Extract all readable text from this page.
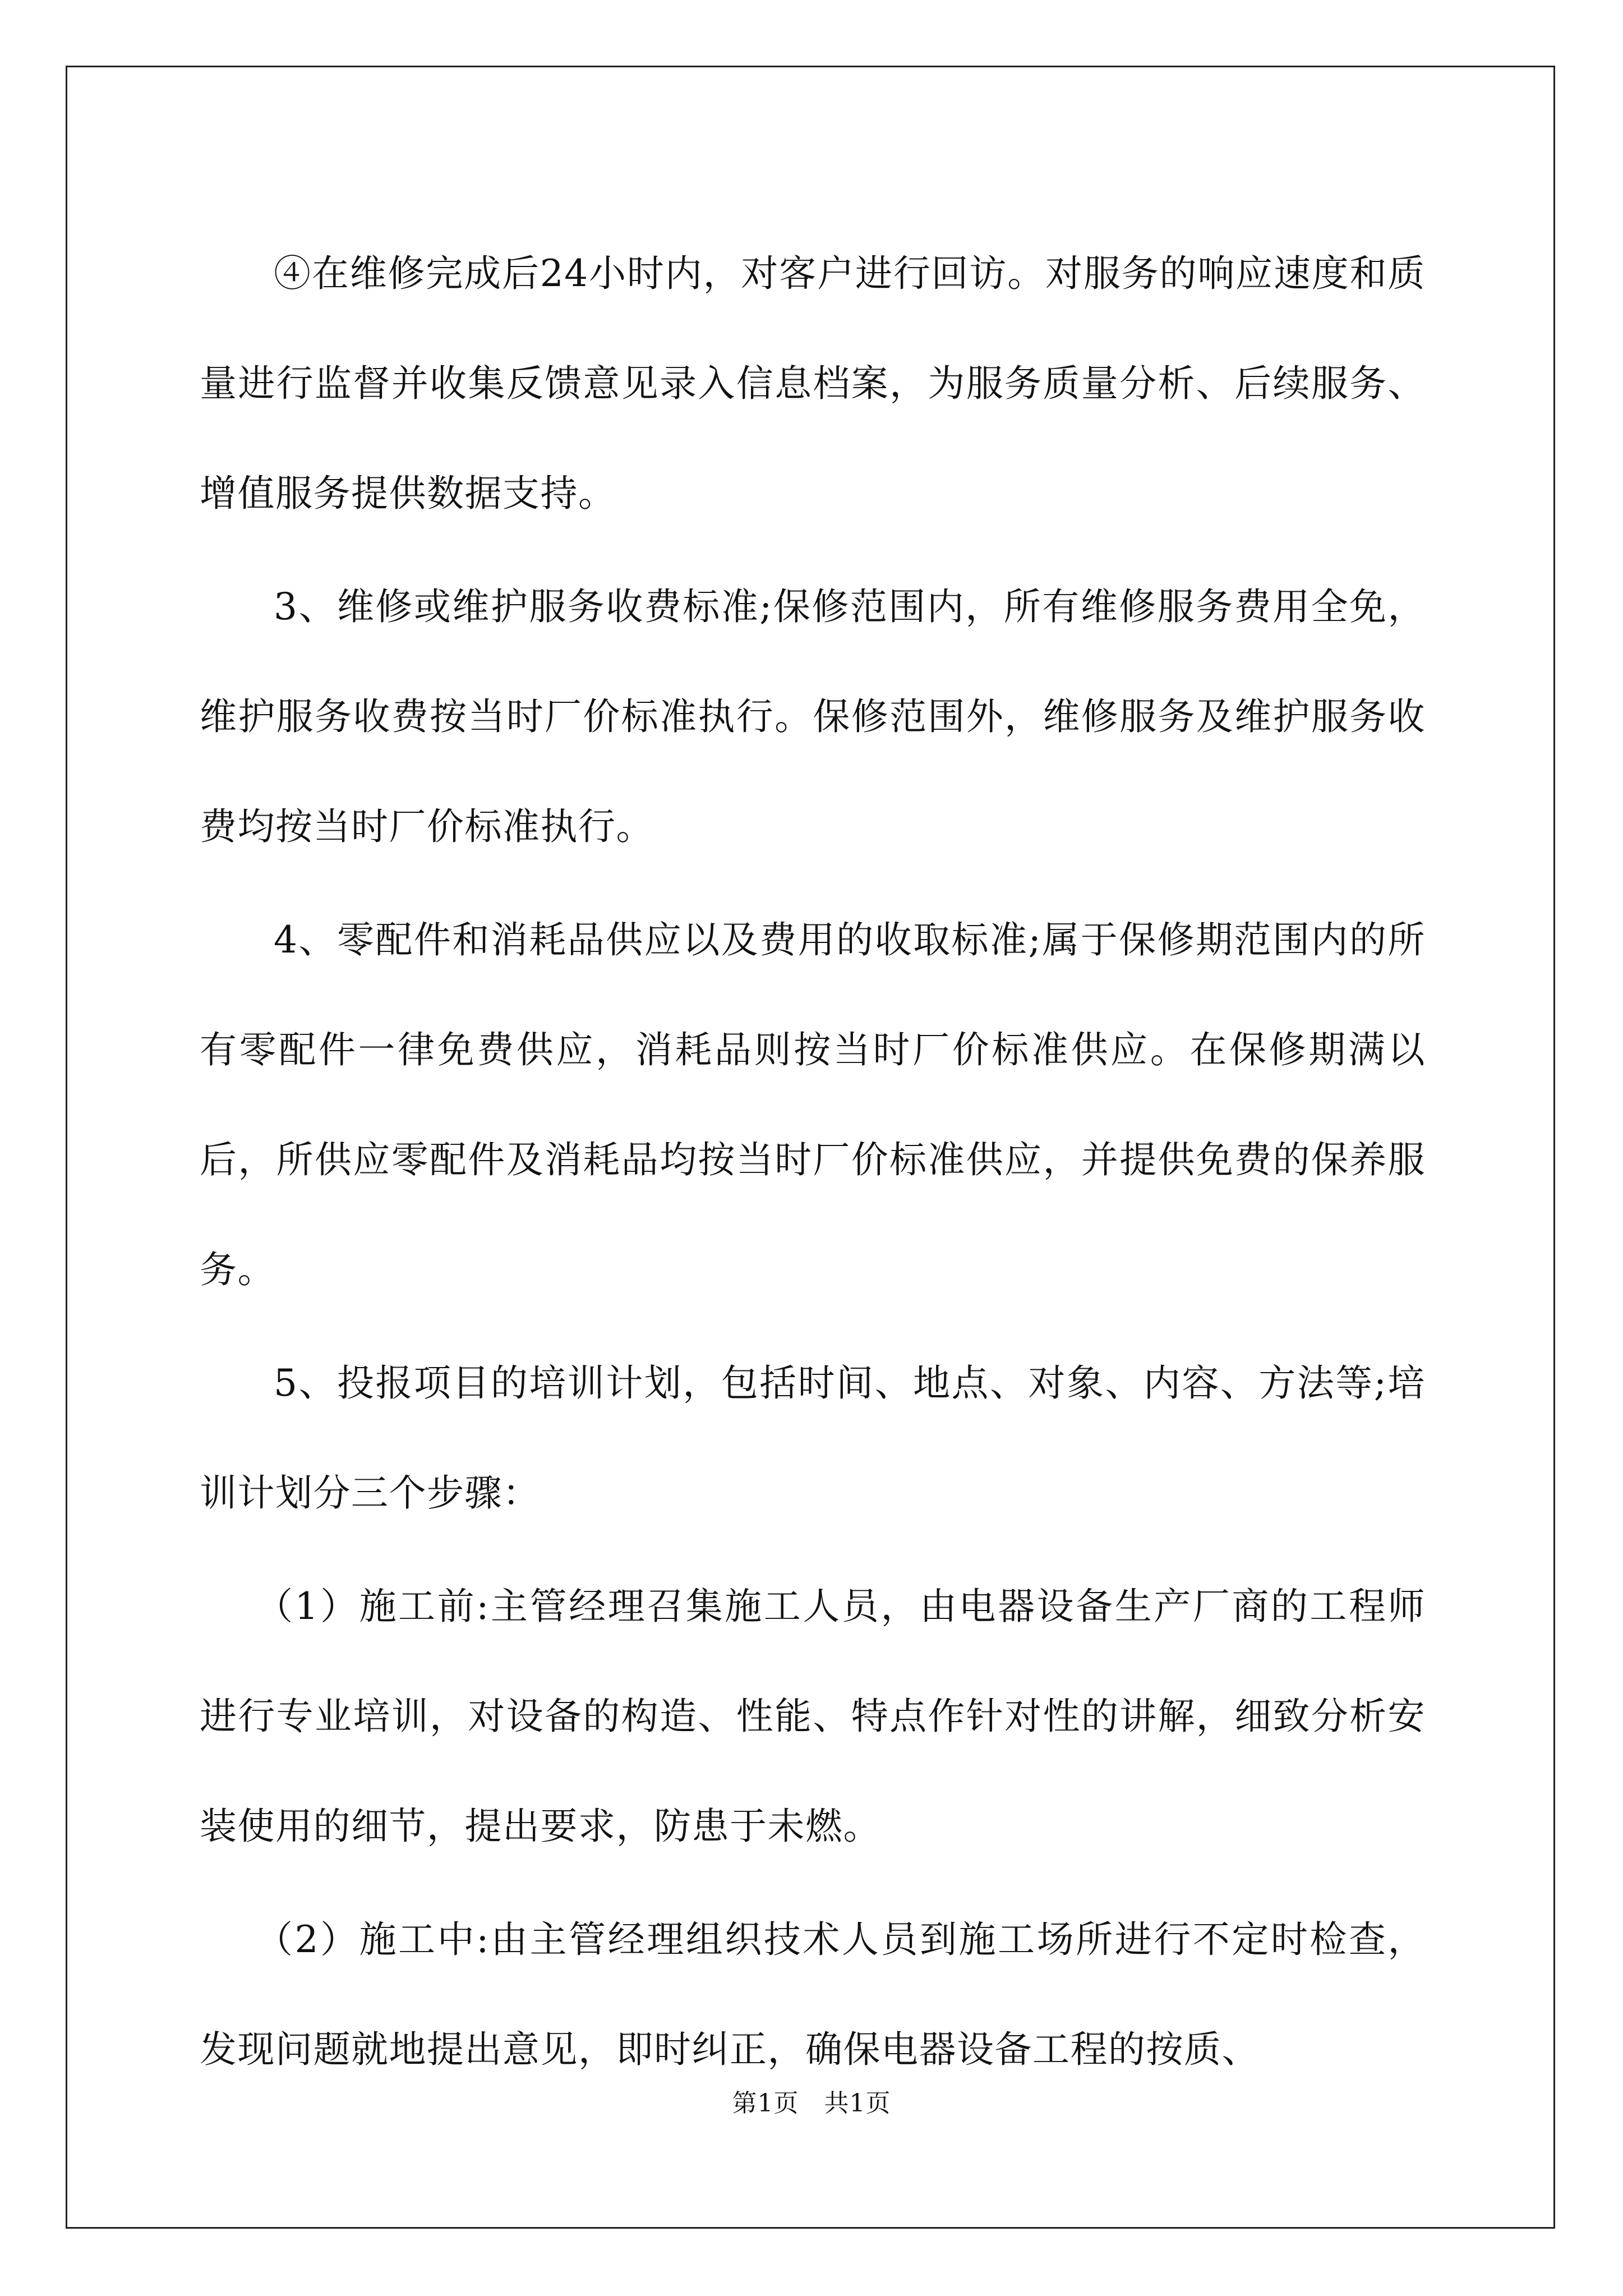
④在维修完成后24小时内，对客户进行回访。对服务的响应速度和质量进行监督并收集反馈意见录入信息档案，为服务质量分析、后续服务、增值服务提供数据支持。

3、维修或维护服务收费标准;保修范围内，所有维修服务费用全免，维护服务收费按当时厂价标准执行。保修范围外，维修服务及维护服务收费均按当时厂价标准执行。

4、零配件和消耗品供应以及费用的收取标准;属于保修期范围内的所有零配件一律免费供应，消耗品则按当时厂价标准供应。在保修期满以后，所供应零配件及消耗品均按当时厂价标准供应，并提供免费的保养服务。

5、投报项目的培训计划，包括时间、地点、对象、内容、方法等;培训计划分三个步骤：

（1）施工前:主管经理召集施工人员，由电器设备生产厂商的工程师进行专业培训，对设备的构造、性能、特点作针对性的讲解，细致分析安装使用的细节，提出要求，防患于未燃。

（2）施工中:由主管经理组织技术人员到施工场所进行不定时检查，发现问题就地提出意见，即时纠正，确保电器设备工程的按质、

第1页　共1页
